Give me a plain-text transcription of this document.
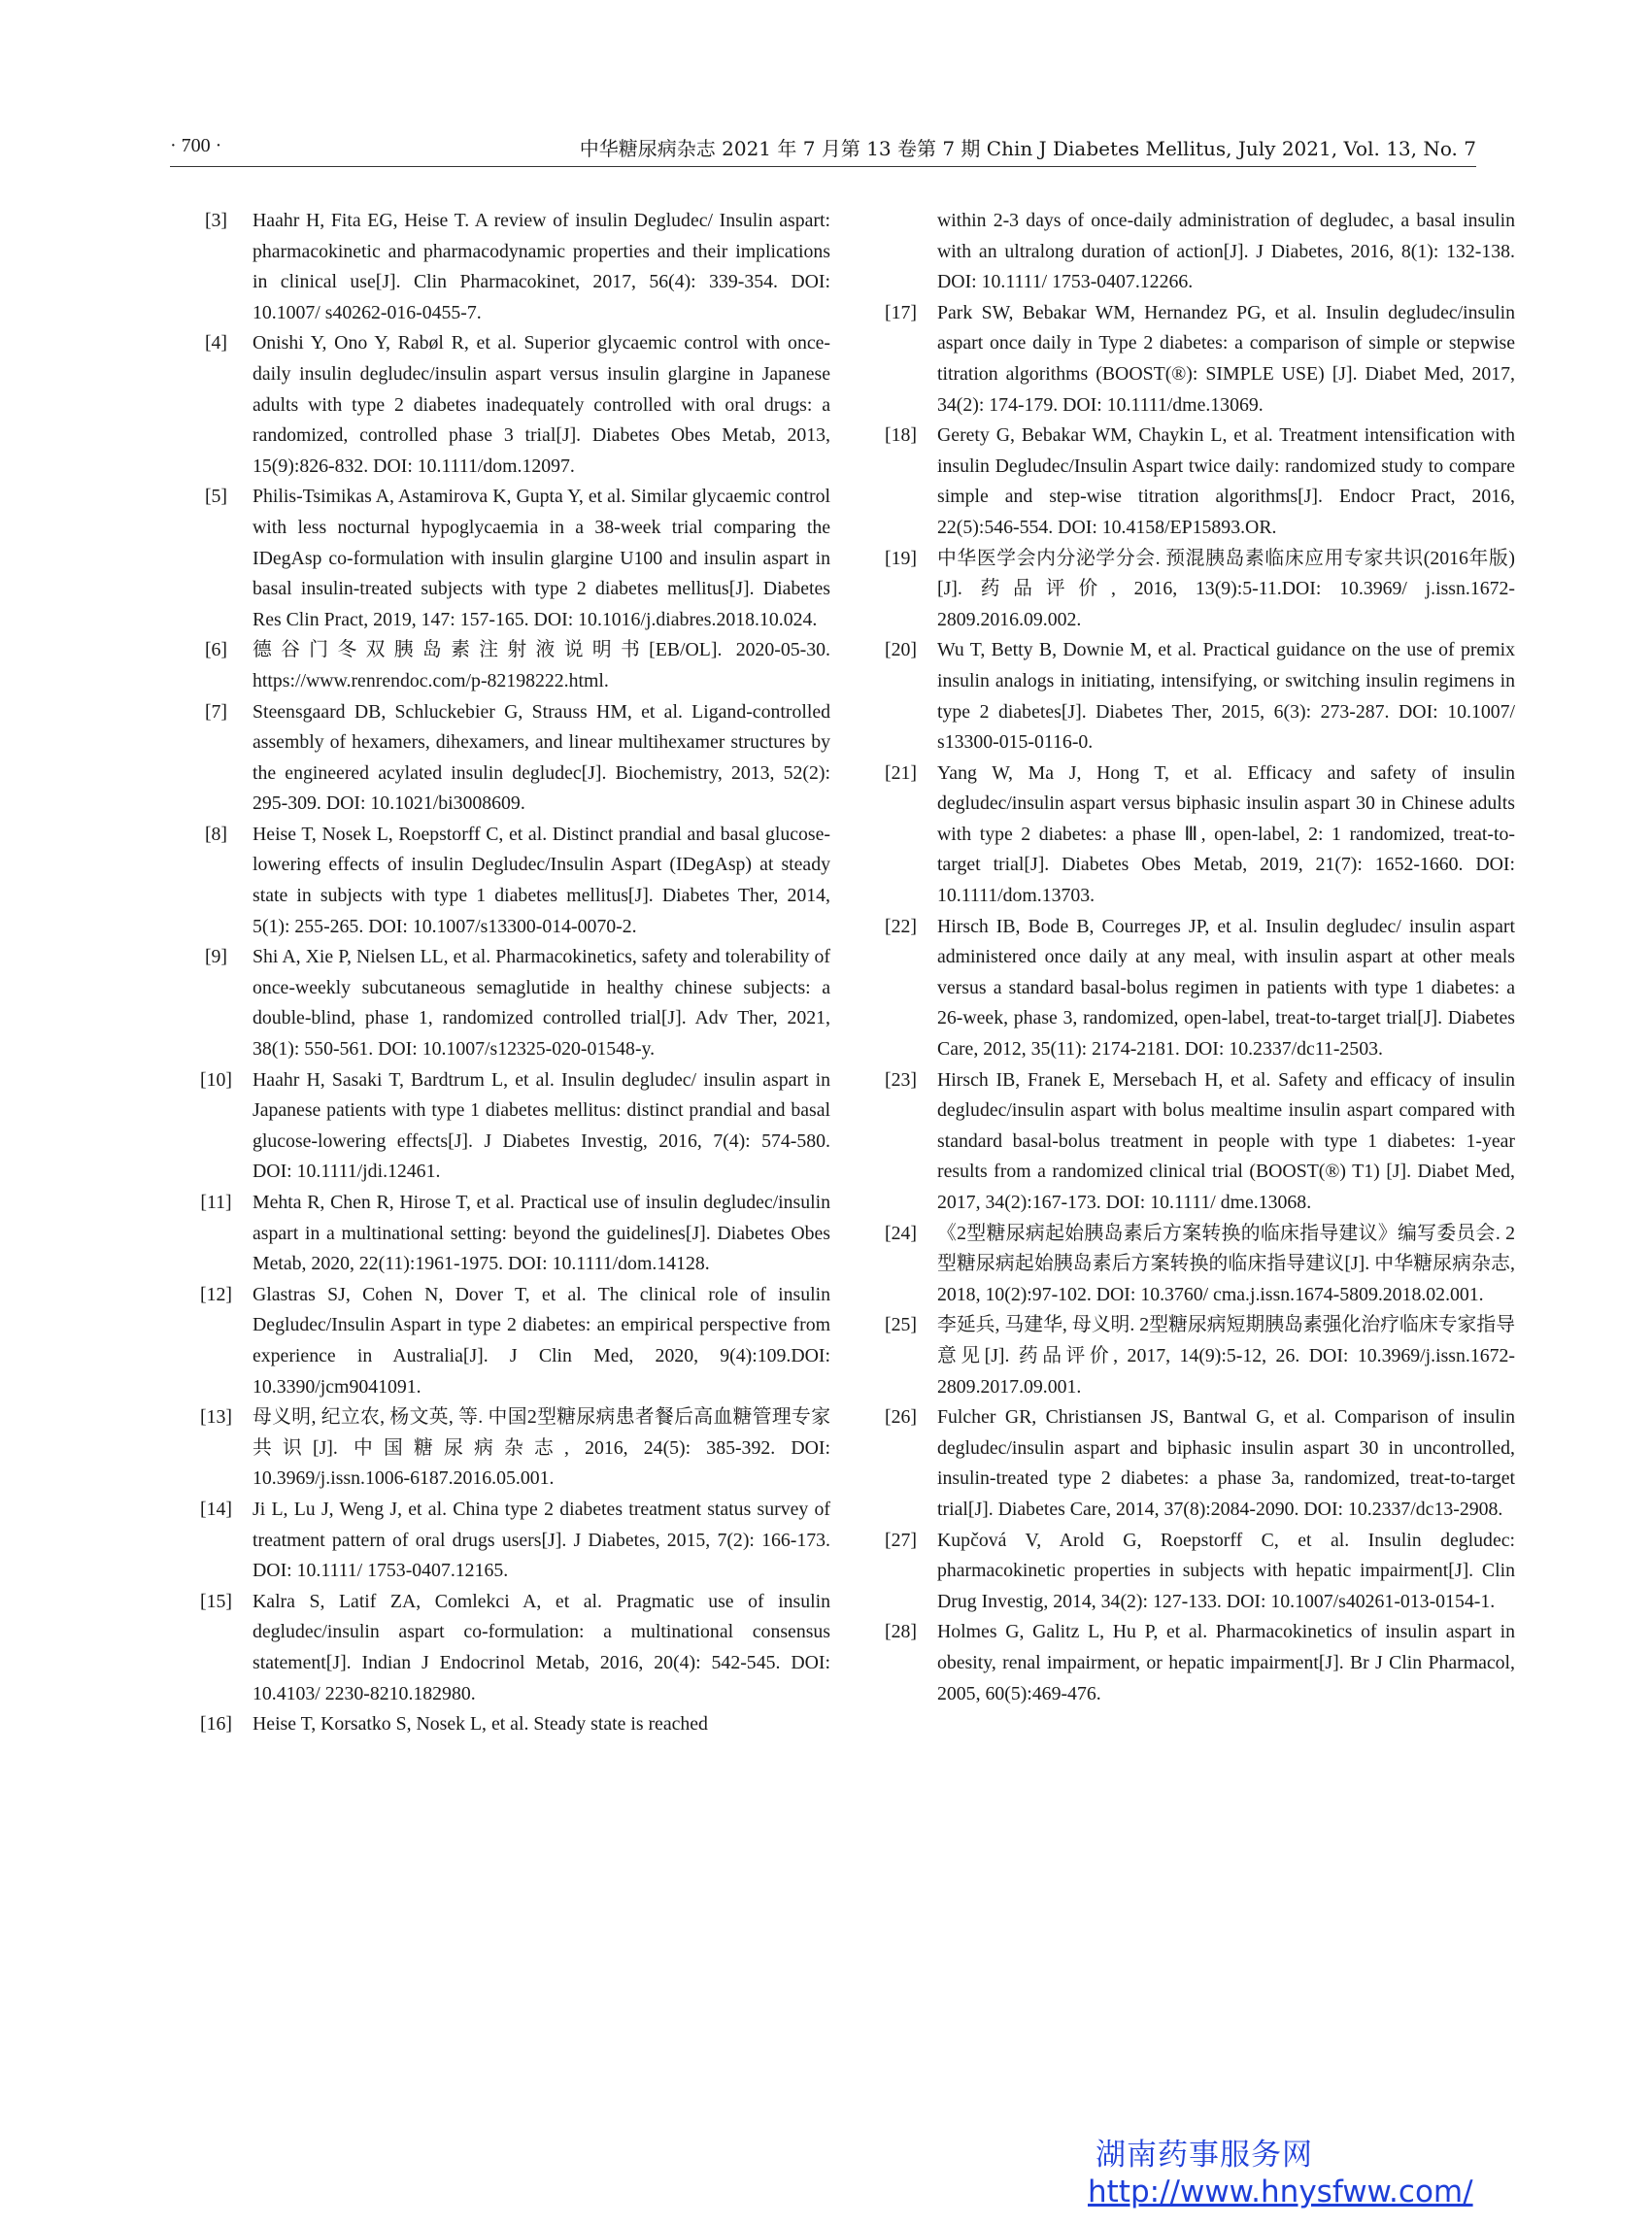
· 700 ·	中华糖尿病杂志 2021 年 7 月第 13 卷第 7 期 Chin J Diabetes Mellitus, July 2021, Vol. 13, No. 7
[3]	Haahr H, Fita EG, Heise T. A review of insulin Degludec/ Insulin aspart: pharmacokinetic and pharmacodynamic properties and their implications in clinical use[J]. Clin Pharmacokinet, 2017, 56(4): 339-354. DOI: 10.1007/ s40262-016-0455-7.
[4]	Onishi Y, Ono Y, Rabøl R, et al. Superior glycaemic control with once-daily insulin degludec/insulin aspart versus insulin glargine in Japanese adults with type 2 diabetes inadequately controlled with oral drugs: a randomized, controlled phase 3 trial[J]. Diabetes Obes Metab, 2013, 15(9):826-832. DOI: 10.1111/dom.12097.
[5]	Philis-Tsimikas A, Astamirova K, Gupta Y, et al. Similar glycaemic control with less nocturnal hypoglycaemia in a 38-week trial comparing the IDegAsp co-formulation with insulin glargine U100 and insulin aspart in basal insulin-treated subjects with type 2 diabetes mellitus[J]. Diabetes Res Clin Pract, 2019, 147: 157-165. DOI: 10.1016/j.diabres.2018.10.024.
[6]	德谷门冬双胰岛素注射液说明书[EB/OL]. 2020-05-30. https://www.renrendoc.com/p-82198222.html.
[7]	Steensgaard DB, Schluckebier G, Strauss HM, et al. Ligand-controlled assembly of hexamers, dihexamers, and linear multihexamer structures by the engineered acylated insulin degludec[J]. Biochemistry, 2013, 52(2): 295-309. DOI: 10.1021/bi3008609.
[8]	Heise T, Nosek L, Roepstorff C, et al. Distinct prandial and basal glucose-lowering effects of insulin Degludec/Insulin Aspart (IDegAsp) at steady state in subjects with type 1 diabetes mellitus[J]. Diabetes Ther, 2014, 5(1): 255-265. DOI: 10.1007/s13300-014-0070-2.
[9]	Shi A, Xie P, Nielsen LL, et al. Pharmacokinetics, safety and tolerability of once-weekly subcutaneous semaglutide in healthy chinese subjects: a double-blind, phase 1, randomized controlled trial[J]. Adv Ther, 2021, 38(1): 550-561. DOI: 10.1007/s12325-020-01548-y.
[10]	Haahr H, Sasaki T, Bardtrum L, et al. Insulin degludec/ insulin aspart in Japanese patients with type 1 diabetes mellitus: distinct prandial and basal glucose-lowering effects[J]. J Diabetes Investig, 2016, 7(4): 574-580. DOI: 10.1111/jdi.12461.
[11]	Mehta R, Chen R, Hirose T, et al. Practical use of insulin degludec/insulin aspart in a multinational setting: beyond the guidelines[J]. Diabetes Obes Metab, 2020, 22(11):1961-1975. DOI: 10.1111/dom.14128.
[12]	Glastras SJ, Cohen N, Dover T, et al. The clinical role of insulin Degludec/Insulin Aspart in type 2 diabetes: an empirical perspective from experience in Australia[J]. J Clin Med, 2020, 9(4):109.DOI: 10.3390/jcm9041091.
[13]	母义明, 纪立农, 杨文英, 等. 中国2型糖尿病患者餐后高血糖管理专家共识[J]. 中国糖尿病杂志, 2016, 24(5): 385-392. DOI: 10.3969/j.issn.1006-6187.2016.05.001.
[14]	Ji L, Lu J, Weng J, et al. China type 2 diabetes treatment status survey of treatment pattern of oral drugs users[J]. J Diabetes, 2015, 7(2): 166-173. DOI: 10.1111/ 1753-0407.12165.
[15]	Kalra S, Latif ZA, Comlekci A, et al. Pragmatic use of insulin degludec/insulin aspart co-formulation: a multinational consensus statement[J]. Indian J Endocrinol Metab, 2016, 20(4): 542-545. DOI: 10.4103/ 2230-8210.182980.
[16]	Heise T, Korsatko S, Nosek L, et al. Steady state is reached
within 2-3 days of once-daily administration of degludec, a basal insulin with an ultralong duration of action[J]. J Diabetes, 2016, 8(1): 132-138. DOI: 10.1111/ 1753-0407.12266.
[17]	Park SW, Bebakar WM, Hernandez PG, et al. Insulin degludec/insulin aspart once daily in Type 2 diabetes: a comparison of simple or stepwise titration algorithms (BOOST(®): SIMPLE USE) [J]. Diabet Med, 2017, 34(2): 174-179. DOI: 10.1111/dme.13069.
[18]	Gerety G, Bebakar WM, Chaykin L, et al. Treatment intensification with insulin Degludec/Insulin Aspart twice daily: randomized study to compare simple and step-wise titration algorithms[J]. Endocr Pract, 2016, 22(5):546-554. DOI: 10.4158/EP15893.OR.
[19]	中华医学会内分泌学分会. 预混胰岛素临床应用专家共识(2016年版)[J]. 药品评价, 2016, 13(9):5-11.DOI: 10.3969/ j.issn.1672-2809.2016.09.002.
[20]	Wu T, Betty B, Downie M, et al. Practical guidance on the use of premix insulin analogs in initiating, intensifying, or switching insulin regimens in type 2 diabetes[J]. Diabetes Ther, 2015, 6(3): 273-287. DOI: 10.1007/ s13300-015-0116-0.
[21]	Yang W, Ma J, Hong T, et al. Efficacy and safety of insulin degludec/insulin aspart versus biphasic insulin aspart 30 in Chinese adults with type 2 diabetes: a phase Ⅲ, open-label, 2: 1 randomized, treat-to-target trial[J]. Diabetes Obes Metab, 2019, 21(7): 1652-1660. DOI: 10.1111/dom.13703.
[22]	Hirsch IB, Bode B, Courreges JP, et al. Insulin degludec/ insulin aspart administered once daily at any meal, with insulin aspart at other meals versus a standard basal-bolus regimen in patients with type 1 diabetes: a 26-week, phase 3, randomized, open-label, treat-to-target trial[J]. Diabetes Care, 2012, 35(11): 2174-2181. DOI: 10.2337/dc11-2503.
[23]	Hirsch IB, Franek E, Mersebach H, et al. Safety and efficacy of insulin degludec/insulin aspart with bolus mealtime insulin aspart compared with standard basal-bolus treatment in people with type 1 diabetes: 1-year results from a randomized clinical trial (BOOST(®) T1) [J]. Diabet Med, 2017, 34(2):167-173. DOI: 10.1111/ dme.13068.
[24]	《2型糖尿病起始胰岛素后方案转换的临床指导建议》编写委员会. 2型糖尿病起始胰岛素后方案转换的临床指导建议[J]. 中华糖尿病杂志, 2018, 10(2):97-102. DOI: 10.3760/ cma.j.issn.1674-5809.2018.02.001.
[25]	李延兵, 马建华, 母义明. 2型糖尿病短期胰岛素强化治疗临床专家指导意见[J]. 药品评价, 2017, 14(9):5-12, 26. DOI: 10.3969/j.issn.1672-2809.2017.09.001.
[26]	Fulcher GR, Christiansen JS, Bantwal G, et al. Comparison of insulin degludec/insulin aspart and biphasic insulin aspart 30 in uncontrolled, insulin-treated type 2 diabetes: a phase 3a, randomized, treat-to-target trial[J]. Diabetes Care, 2014, 37(8):2084-2090. DOI: 10.2337/dc13-2908.
[27]	Kupčová V, Arold G, Roepstorff C, et al. Insulin degludec: pharmacokinetic properties in subjects with hepatic impairment[J]. Clin Drug Investig, 2014, 34(2): 127-133. DOI: 10.1007/s40261-013-0154-1.
[28]	Holmes G, Galitz L, Hu P, et al. Pharmacokinetics of insulin aspart in obesity, renal impairment, or hepatic impairment[J]. Br J Clin Pharmacol, 2005, 60(5):469-476.
湖南药事服务网
http://www.hnysfww.com/
